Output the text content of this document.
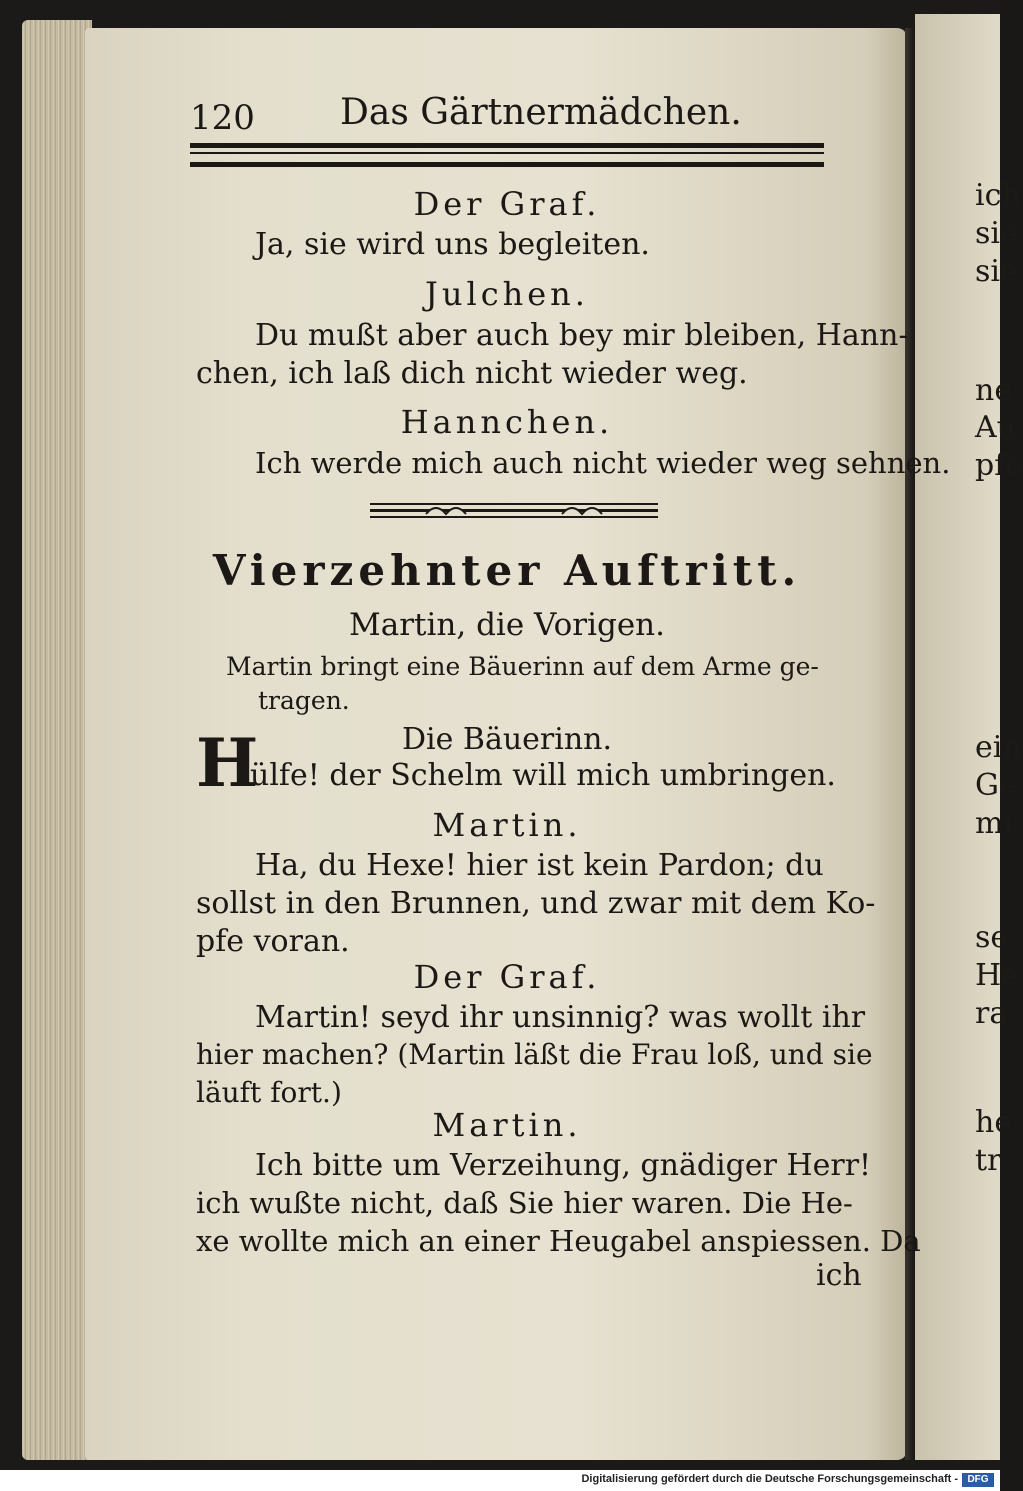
ich
sie
sie
ne
Au
pfe
ein
Ge
mi
se
He
ra
he
tr
120 Das Gärtnermädchen.
Der Graf.
Ja, sie wird uns begleiten.
Julchen.
Du mußt aber auch bey mir bleiben, Hann-
chen, ich laß dich nicht wieder weg.
Hannchen.
Ich werde mich auch nicht wieder weg sehnen.
Vierzehnter Auftritt.
Martin, die Vorigen.
Martin bringt eine Bäuerinn auf dem Arme ge-
tragen.
Die Bäuerinn.
H
ülfe! der Schelm will mich umbringen.
Martin.
Ha, du Hexe! hier ist kein Pardon; du
sollst in den Brunnen, und zwar mit dem Ko-
pfe voran.
Der Graf.
Martin! seyd ihr unsinnig? was wollt ihr
hier machen? (Martin läßt die Frau loß, und sie
läuft fort.)
Martin.
Ich bitte um Verzeihung, gnädiger Herr!
ich wußte nicht, daß Sie hier waren. Die He-
xe wollte mich an einer Heugabel anspiessen. Da
ich
Digitalisierung gefördert durch die Deutsche Forschungsgemeinschaft - DFG
